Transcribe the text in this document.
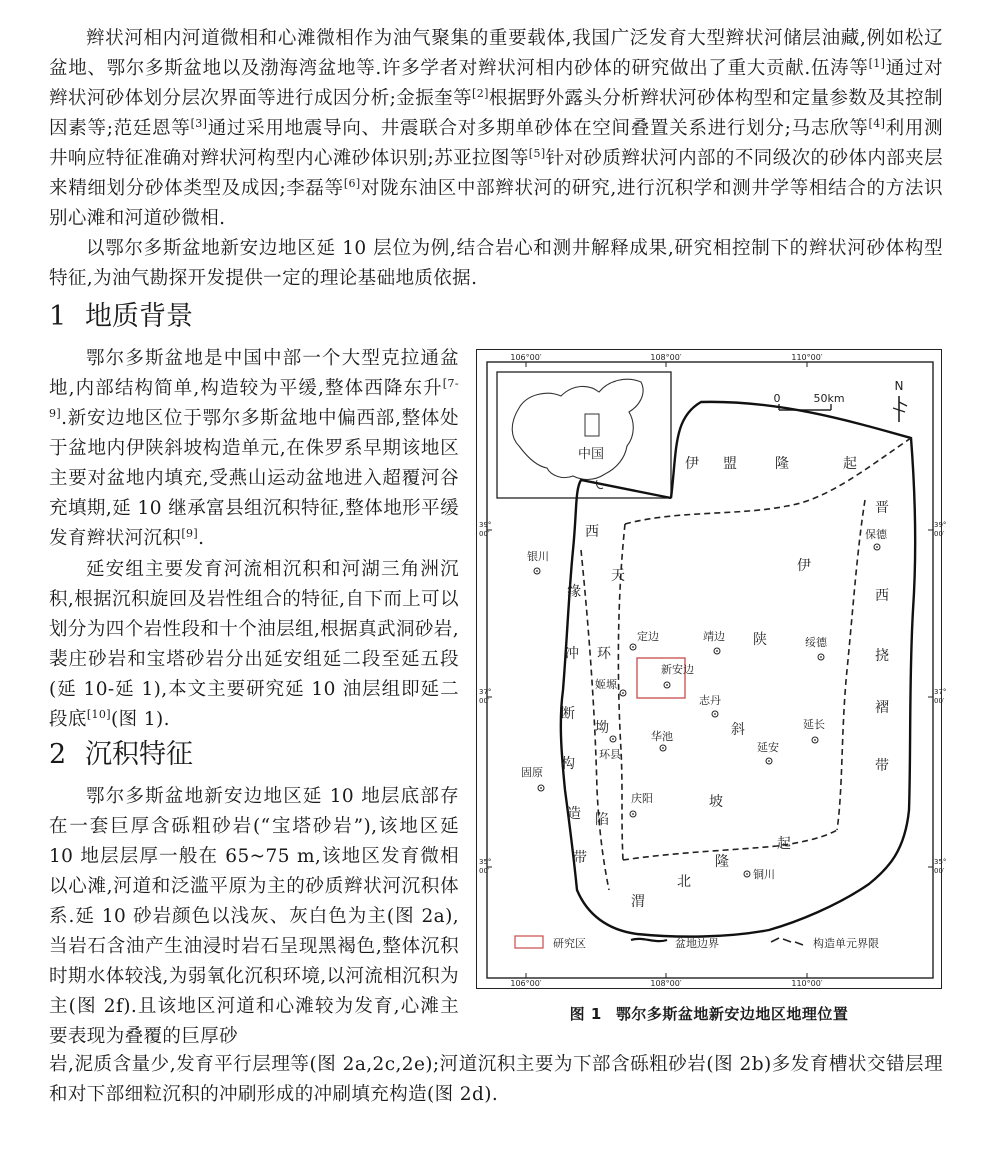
辫状河相内河道微相和心滩微相作为油气聚集的重要载体,我国广泛发育大型辫状河储层油藏,例如松辽盆地、鄂尔多斯盆地以及渤海湾盆地等.许多学者对辫状河相内砂体的研究做出了重大贡献.伍涛等[1]通过对辫状河砂体划分层次界面等进行成因分析;金振奎等[2]根据野外露头分析辫状河砂体构型和定量参数及其控制因素等;范廷恩等[3]通过采用地震导向、井震联合对多期单砂体在空间叠置关系进行划分;马志欣等[4]利用测井响应特征准确对辫状河构型内心滩砂体识别;苏亚拉图等[5]针对砂质辫状河内部的不同级次的砂体内部夹层来精细划分砂体类型及成因;李磊等[6]对陇东油区中部辫状河的研究,进行沉积学和测井学等相结合的方法识别心滩和河道砂微相.

以鄂尔多斯盆地新安边地区延 10 层位为例,结合岩心和测井解释成果,研究相控制下的辫状河砂体构型特征,为油气勘探开发提供一定的理论基础地质依据.

1 地质背景

鄂尔多斯盆地是中国中部一个大型克拉通盆地,内部结构简单,构造较为平缓,整体西降东升[7-9].新安边地区位于鄂尔多斯盆地中偏西部,整体处于盆地内伊陕斜坡构造单元,在侏罗系早期该地区主要对盆地内填充,受燕山运动盆地进入超覆河谷充填期,延 10 继承富县组沉积特征,整体地形平缓发育辫状河沉积[9].

延安组主要发育河流相沉积和河湖三角洲沉积,根据沉积旋回及岩性组合的特征,自下而上可以划分为四个岩性段和十个油层组,根据真武洞砂岩,裴庄砂岩和宝塔砂岩分出延安组延二段至延五段(延 10-延 1),本文主要研究延 10 油层组即延二段底[10](图 1).

2 沉积特征

鄂尔多斯盆地新安边地区延 10 地层底部存在一套巨厚含砾粗砂岩(“宝塔砂岩”),该地区延 10 地层层厚一般在 65~75 m,该地区发育微相以心滩,河道和泛滥平原为主的砂质辫状河沉积体系.延 10 砂岩颜色以浅灰、灰白色为主(图 2a),当岩石含油产生油浸时岩石呈现黑褐色,整体沉积时期水体较浅,为弱氧化沉积环境,以河流相沉积为主(图 2f).且该地区河道和心滩较为发育,心滩主要表现为叠覆的巨厚砂

岩,泥质含量少,发育平行层理等(图 2a,2c,2e);河道沉积主要为下部含砾粗砂岩(图 2b)多发育槽状交错层理和对下部细粒沉积的冲刷形成的冲刷填充构造(图 2d).

106°00′	108°00′	110°00′
106°00′	108°00′	110°00′
39°
00′
37°
00′
35°
00′
39°
00′
37°
00′
35°
00′
中国
0	50km
N
伊 盟	隆	起
晋
西
挠
褶
带
伊
陕
斜
坡
西
缘
冲
断
构
造
带
天
环
坳
陷
渭
北
隆
起
银川
定边	靖边
新安边
绥德
姬塬
志丹
延长
华池
环县
延安
固原
庆阳
铜川
保德
研究区	盆地边界	构造单元界限
图 1 鄂尔多斯盆地新安边地区地理位置
